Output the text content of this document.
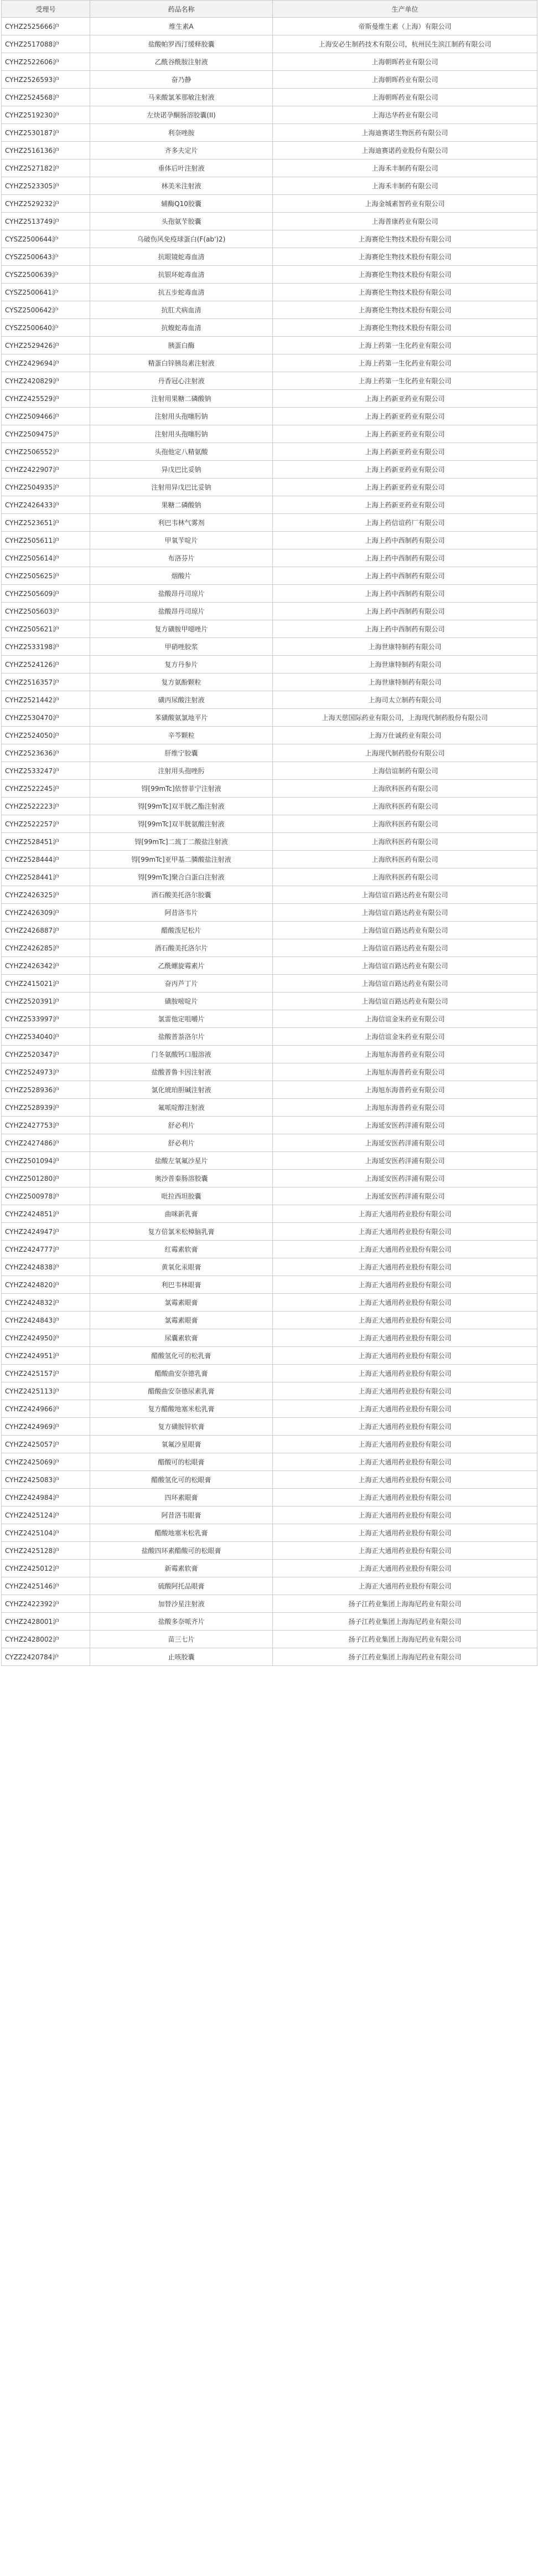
受理号	药品名称	生产单位
CYHZ2525666沪	维生素A	帝斯曼维生素（上海）有限公司
CYHZ2517088沪	盐酸帕罗西汀缓释胶囊	上海安必生制药技术有限公司，杭州民生滨江制药有限公司
CYHZ2522606沪	乙酰谷酰胺注射液	上海朝晖药业有限公司
CYHZ2526593沪	奋乃静	上海朝晖药业有限公司
CYHZ2524568沪	马来酸氯苯那敏注射液	上海朝晖药业有限公司
CYHZ2519230沪	左炔诺孕酮肠溶胶囊(II)	上海达华药业有限公司
CYHZ2530187沪	利奈唑胺	上海迪赛诺生物医药有限公司
CYHZ2516136沪	齐多夫定片	上海迪赛诺药业股份有限公司
CYHZ2527182沪	垂体后叶注射液	上海禾丰制药有限公司
CYHZ2523305沪	林美米注射液	上海禾丰制药有限公司
CYHZ2529232沪	辅酶Q10胶囊	上海金城素智药业有限公司
CYHZ2513749沪	头孢氨苄胶囊	上海普康药业有限公司
CYSZ2500644沪	乌破伤风免疫球蛋白(F(ab')2)	上海赛伦生物技术股份有限公司
CYSZ2500643沪	抗眼镜蛇毒血清	上海赛伦生物技术股份有限公司
CYSZ2500639沪	抗银环蛇毒血清	上海赛伦生物技术股份有限公司
CYSZ2500641沪	抗五步蛇毒血清	上海赛伦生物技术股份有限公司
CYSZ2500642沪	抗肛犬病血清	上海赛伦生物技术股份有限公司
CYSZ2500640沪	抗蝮蛇毒血清	上海赛伦生物技术股份有限公司
CYHZ2529426沪	胰蛋白酶	上海上药第一生化药业有限公司
CYHZ2429694沪	精蛋白锌胰岛素注射液	上海上药第一生化药业有限公司
CYHZ2420829沪	丹香冠心注射液	上海上药第一生化药业有限公司
CYHZ2425529沪	注射用果糖二磷酸钠	上海上药新亚药业有限公司
CYHZ2509466沪	注射用头孢噻肟钠	上海上药新亚药业有限公司
CYHZ2509475沪	注射用头孢噻肟钠	上海上药新亚药业有限公司
CYHZ2506552沪	头孢他定八精氨酸	上海上药新亚药业有限公司
CYHZ2422907沪	异戊巴比妥钠	上海上药新亚药业有限公司
CYHZ2504935沪	注射用异戊巴比妥钠	上海上药新亚药业有限公司
CYHZ2426433沪	果糖二磷酸钠	上海上药新亚药业有限公司
CYHZ2523651沪	利巴韦林气雾剂	上海上药信谊药厂有限公司
CYHZ2505611沪	甲氧苄啶片	上海上药中西制药有限公司
CYHZ2505614沪	布洛芬片	上海上药中西制药有限公司
CYHZ2505625沪	烟酸片	上海上药中西制药有限公司
CYHZ2505609沪	盐酸昂丹司琼片	上海上药中西制药有限公司
CYHZ2505603沪	盐酸昂丹司琼片	上海上药中西制药有限公司
CYHZ2505621沪	复方磺胺甲噁唑片	上海上药中西制药有限公司
CYHZ2533198沪	甲硝唑胶浆	上海世康特制药有限公司
CYHZ2524126沪	复方丹参片	上海世康特制药有限公司
CYHZ2516357沪	复方氨酚颗粒	上海世康特制药有限公司
CYHZ2521442沪	磺丙尿酸注射液	上海司太立制药有限公司
CYHZ2530470沪	苯磺酸氨氯地平片	上海天慈国际药业有限公司，上海现代制药股份有限公司
CYHZ2524050沪	辛芩颗粒	上海万仕诚药业有限公司
CYHZ2523636沪	肝维宁胶囊	上海现代制药股份有限公司
CYHZ2533247沪	注射用头孢唑肟	上海信谊制药有限公司
CYHZ2522245沪	锝[99mTc]依替菲宁注射液	上海欣科医药有限公司
CYHZ2522223沪	锝[99mTc]双半胱乙酯注射液	上海欣科医药有限公司
CYHZ2522257沪	锝[99mTc]双半胱氨酸注射液	上海欣科医药有限公司
CYHZ2528451沪	锝[99mTc]二巯丁二酸盐注射液	上海欣科医药有限公司
CYHZ2528444沪	锝[99mTc]亚甲基二膦酸盐注射液	上海欣科医药有限公司
CYHZ2528441沪	锝[99mTc]聚合白蛋白注射液	上海欣科医药有限公司
CYHZ2426325沪	酒石酸美托洛尔胶囊	上海信谊百路达药业有限公司
CYHZ2426309沪	阿昔洛韦片	上海信谊百路达药业有限公司
CYHZ2426887沪	醋酸泼尼松片	上海信谊百路达药业有限公司
CYHZ2426285沪	酒石酸美托洛尔片	上海信谊百路达药业有限公司
CYHZ2426342沪	乙酰螺旋霉素片	上海信谊百路达药业有限公司
CYHZ2415021沪	奋丙芦丁片	上海信谊百路达药业有限公司
CYHZ2520391沪	磺胺嘧啶片	上海信谊百路达药业有限公司
CYHZ2533997沪	氯雷他定咀嚼片	上海信谊金朱药业有限公司
CYHZ2534040沪	盐酸普萘洛尔片	上海信谊金朱药业有限公司
CYHZ2520347沪	门冬氨酸钙口服溶液	上海旭东海普药业有限公司
CYHZ2524973沪	盐酸普鲁卡因注射液	上海旭东海普药业有限公司
CYHZ2528936沪	氯化琥珀胆碱注射液	上海旭东海普药业有限公司
CYHZ2528939沪	氟哌啶醇注射液	上海旭东海普药业有限公司
CYHZ2427753沪	舒必利片	上海延安医药洋浦有限公司
CYHZ2427486沪	舒必利片	上海延安医药洋浦有限公司
CYHZ2501094沪	盐酸左氧氟沙星片	上海延安医药洋浦有限公司
CYHZ2501280沪	奥沙普秦肠溶胶囊	上海延安医药洋浦有限公司
CYHZ2500978沪	吡拉西坦胶囊	上海延安医药洋浦有限公司
CYHZ2424851沪	曲咪新乳膏	上海正大通用药业股份有限公司
CYHZ2424947沪	复方倍氯米松樟脑乳膏	上海正大通用药业股份有限公司
CYHZ2424777沪	红霉素软膏	上海正大通用药业股份有限公司
CYHZ2424838沪	黄氧化汞眼膏	上海正大通用药业股份有限公司
CYHZ2424820沪	利巴韦林眼膏	上海正大通用药业股份有限公司
CYHZ2424832沪	氯霉素眼膏	上海正大通用药业股份有限公司
CYHZ2424843沪	氯霉素眼膏	上海正大通用药业股份有限公司
CYHZ2424950沪	尿囊素软膏	上海正大通用药业股份有限公司
CYHZ2424951沪	醋酸氢化可的松乳膏	上海正大通用药业股份有限公司
CYHZ2425157沪	醋酸曲安奈德乳膏	上海正大通用药业股份有限公司
CYHZ2425113沪	醋酸曲安奈德尿素乳膏	上海正大通用药业股份有限公司
CYHZ2424966沪	复方醋酸地塞米松乳膏	上海正大通用药业股份有限公司
CYHZ2424969沪	复方磺胺锌软膏	上海正大通用药业股份有限公司
CYHZ2425057沪	氧氟沙星眼膏	上海正大通用药业股份有限公司
CYHZ2425069沪	醋酸可的松眼膏	上海正大通用药业股份有限公司
CYHZ2425083沪	醋酸氢化可的松眼膏	上海正大通用药业股份有限公司
CYHZ2424984沪	四环素眼膏	上海正大通用药业股份有限公司
CYHZ2425124沪	阿昔洛韦眼膏	上海正大通用药业股份有限公司
CYHZ2425104沪	醋酸地塞米松乳膏	上海正大通用药业股份有限公司
CYHZ2425128沪	盐酸四环素醋酸可的松眼膏	上海正大通用药业股份有限公司
CYHZ2425012沪	新霉素软膏	上海正大通用药业股份有限公司
CYHZ2425146沪	硫酸阿托品眼膏	上海正大通用药业股份有限公司
CYHZ2422392沪	加替沙星注射液	扬子江药业集团上海海尼药业有限公司
CYHZ2428001沪	盐酸多奈哌齐片	扬子江药业集团上海海尼药业有限公司
CYHZ2428002沪	苗三七片	扬子江药业集团上海海尼药业有限公司
CYZZ2420784沪	止咳胶囊	扬子江药业集团上海海尼药业有限公司
